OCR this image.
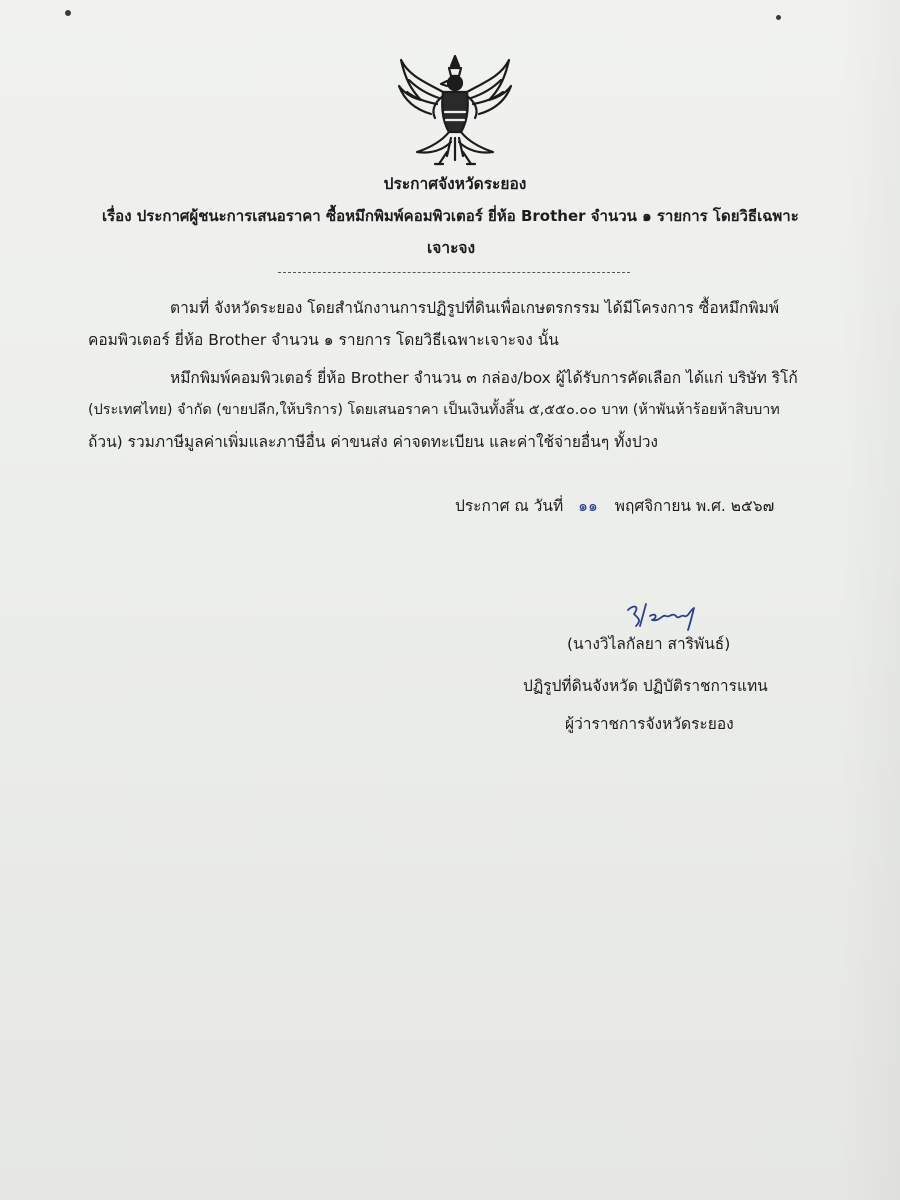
ประกาศจังหวัดระยอง
เรื่อง ประกาศผู้ชนะการเสนอราคา ซื้อหมึกพิมพ์คอมพิวเตอร์ ยี่ห้อ Brother จำนวน ๑ รายการ โดยวิธีเฉพาะ
เจาะจง
ตามที่ จังหวัดระยอง โดยสำนักงานการปฏิรูปที่ดินเพื่อเกษตรกรรม ได้มีโครงการ ซื้อหมึกพิมพ์
คอมพิวเตอร์ ยี่ห้อ Brother จำนวน ๑ รายการ โดยวิธีเฉพาะเจาะจง นั้น
หมึกพิมพ์คอมพิวเตอร์ ยี่ห้อ Brother จำนวน ๓ กล่อง/box ผู้ได้รับการคัดเลือก ได้แก่ บริษัท ริโก้
(ประเทศไทย) จำกัด (ขายปลีก,ให้บริการ) โดยเสนอราคา เป็นเงินทั้งสิ้น ๕,๕๕๐.๐๐ บาท (ห้าพันห้าร้อยห้าสิบบาท
ถ้วน) รวมภาษีมูลค่าเพิ่มและภาษีอื่น ค่าขนส่ง ค่าจดทะเบียน และค่าใช้จ่ายอื่นๆ ทั้งปวง
ประกาศ ณ วันที่ ๑๑ พฤศจิกายน พ.ศ. ๒๕๖๗
(นางวิไลกัลยา สาริพันธ์)
ปฏิรูปที่ดินจังหวัด ปฏิบัติราชการแทน
ผู้ว่าราชการจังหวัดระยอง
